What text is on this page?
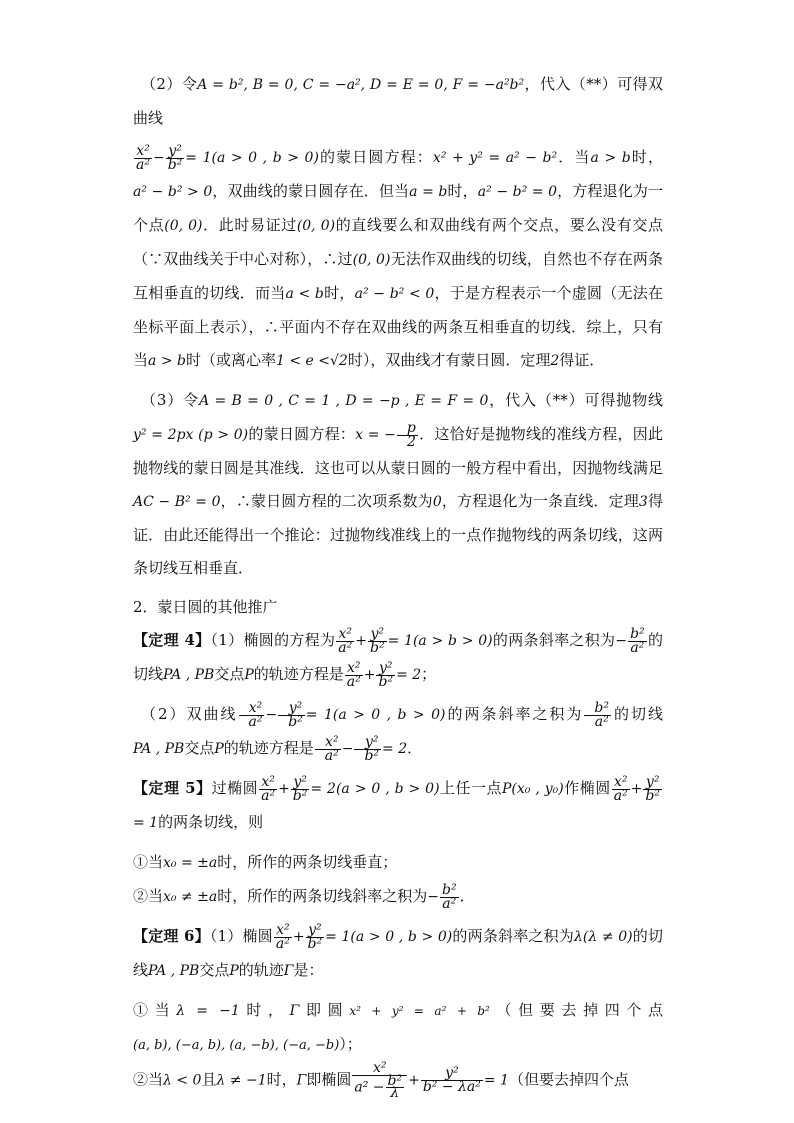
（2）令A = b², B = 0, C = −a², D = E = 0, F = −a²b²，代入（**）可得双曲线

$\frac{\text{x²}}{\text{a²}} - \frac{\text{y²}}{\text{b²}} = 1(a > 0$ , b > 0)的蒙日圆方程：x² + y² = a² − b²．当a > b时，a² − b² > 0，双曲线的蒙日圆存在．但当a = b时，a² − b² = 0，方程退化为一个点(0, 0)．此时易证过(0, 0)的直线要么和双曲线有两个交点，要么没有交点（∵双曲线关于中心对称），∴过(0, 0)无法作双曲线的切线，自然也不存在两条互相垂直的切线．而当a < b时，a² − b² < 0，于是方程表示一个虚圆（无法在坐标平面上表示），∴平面内不存在双曲线的两条互相垂直的切线．综上，只有当a > b时（或离心率1 < e <√2时），双曲线才有蒙日圆．定理2得证．

（3）令A = B = 0 , C = 1 , D = −p , E = F = 0，代入（**）可得抛物线y² = 2px (p > 0)的蒙日圆方程：x = − $\frac{p}{2}$ ．这恰好是抛物线的准线方程，因此抛物线的蒙日圆是其准线．这也可以从蒙日圆的一般方程中看出，因抛物线满足AC − B² = 0，∴蒙日圆方程的二次项系数为0，方程退化为一条直线．定理3得证．由此还能得出一个推论：过抛物线准线上的一点作抛物线的两条切线，这两条切线互相垂直．

2．蒙日圆的其他推广

【定理 4】（1）椭圆的方程为 $\frac{\text{x²}}{\text{a²}} + \frac{\text{y²}}{\text{b²}} = 1(a > b > 0)$的两条斜率之积为− $\frac{\text{b²}}{\text{a²}}$ 的切线PA , PB交点P的轨迹方程是 $\frac{\text{x²}}{\text{a²}} + \frac{\text{y²}}{\text{b²}} = 2$；

（2）双曲线 $\frac{\text{x²}}{\text{a²}} - \frac{\text{y²}}{\text{b²}} = 1(a > 0$ , b > 0)的两条斜率之积为 $\frac{\text{b²}}{\text{a²}}$ 的切线PA , PB交点P的轨迹方程是 $\frac{\text{x²}}{\text{a²}} - \frac{\text{y²}}{\text{b²}} = 2$．

【定理 5】过椭圆 $\frac{\text{x²}}{\text{a²}} + \frac{\text{y²}}{\text{b²}} = 2(a > 0$ , b > 0)上任一点P(x₀ , y₀)作椭圆 $\frac{\text{x²}}{\text{a²}} + \frac{\text{y²}}{\text{b²}}$
= 1的两条切线，则

①当x₀ = ±a时，所作的两条切线垂直；

②当x₀ ≠ ±a时，所作的两条切线斜率之积为− $\frac{\text{b²}}{\text{a²}}$ ．

【定理 6】（1）椭圆 $\frac{\text{x²}}{\text{a²}} + \frac{\text{y²}}{\text{b²}} = 1(a > 0$ , b > 0)的两条斜率之积为λ(λ ≠ 0)的切线PA , PB交点P的轨迹Γ是：

①当λ = −1时，Γ即圆x² + y² = a² + b²（但要去掉四个点(a, b), (−a, b), (a, −b), (−a, −b)）；

②当λ < 0且λ ≠ −1时，Γ即椭圆 $\frac{\text{x²}}{a^2 - \frac{\text{b²}}{\lambda}} + \frac{\text{y²}}{\text{b² − λa²}} = 1$（但要去掉四个点
